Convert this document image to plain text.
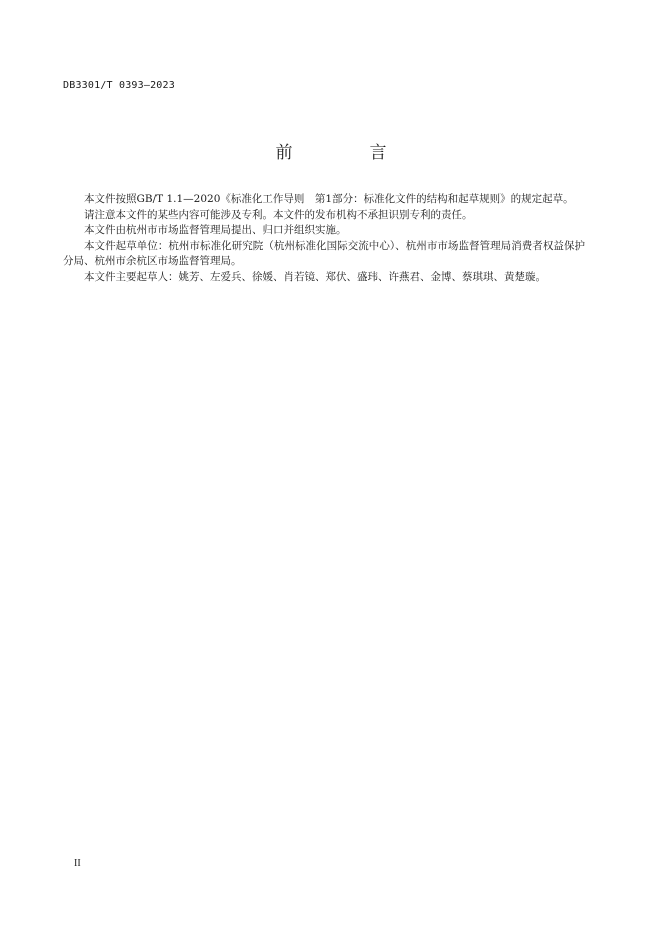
DB3301/T 0393—2023
前　言

本文件按照GB/T 1.1—2020《标准化工作导则　第1部分：标准化文件的结构和起草规则》的规定起草。

请注意本文件的某些内容可能涉及专利。本文件的发布机构不承担识别专利的责任。

本文件由杭州市市场监督管理局提出、归口并组织实施。

本文件起草单位：杭州市标准化研究院（杭州标准化国际交流中心）、杭州市市场监督管理局消费者权益保护分局、杭州市余杭区市场监督管理局。

本文件主要起草人：姚芳、左爱兵、徐媛、肖若镜、郑伏、盛玮、许燕君、金博、蔡琪琪、黄楚璇。

II
